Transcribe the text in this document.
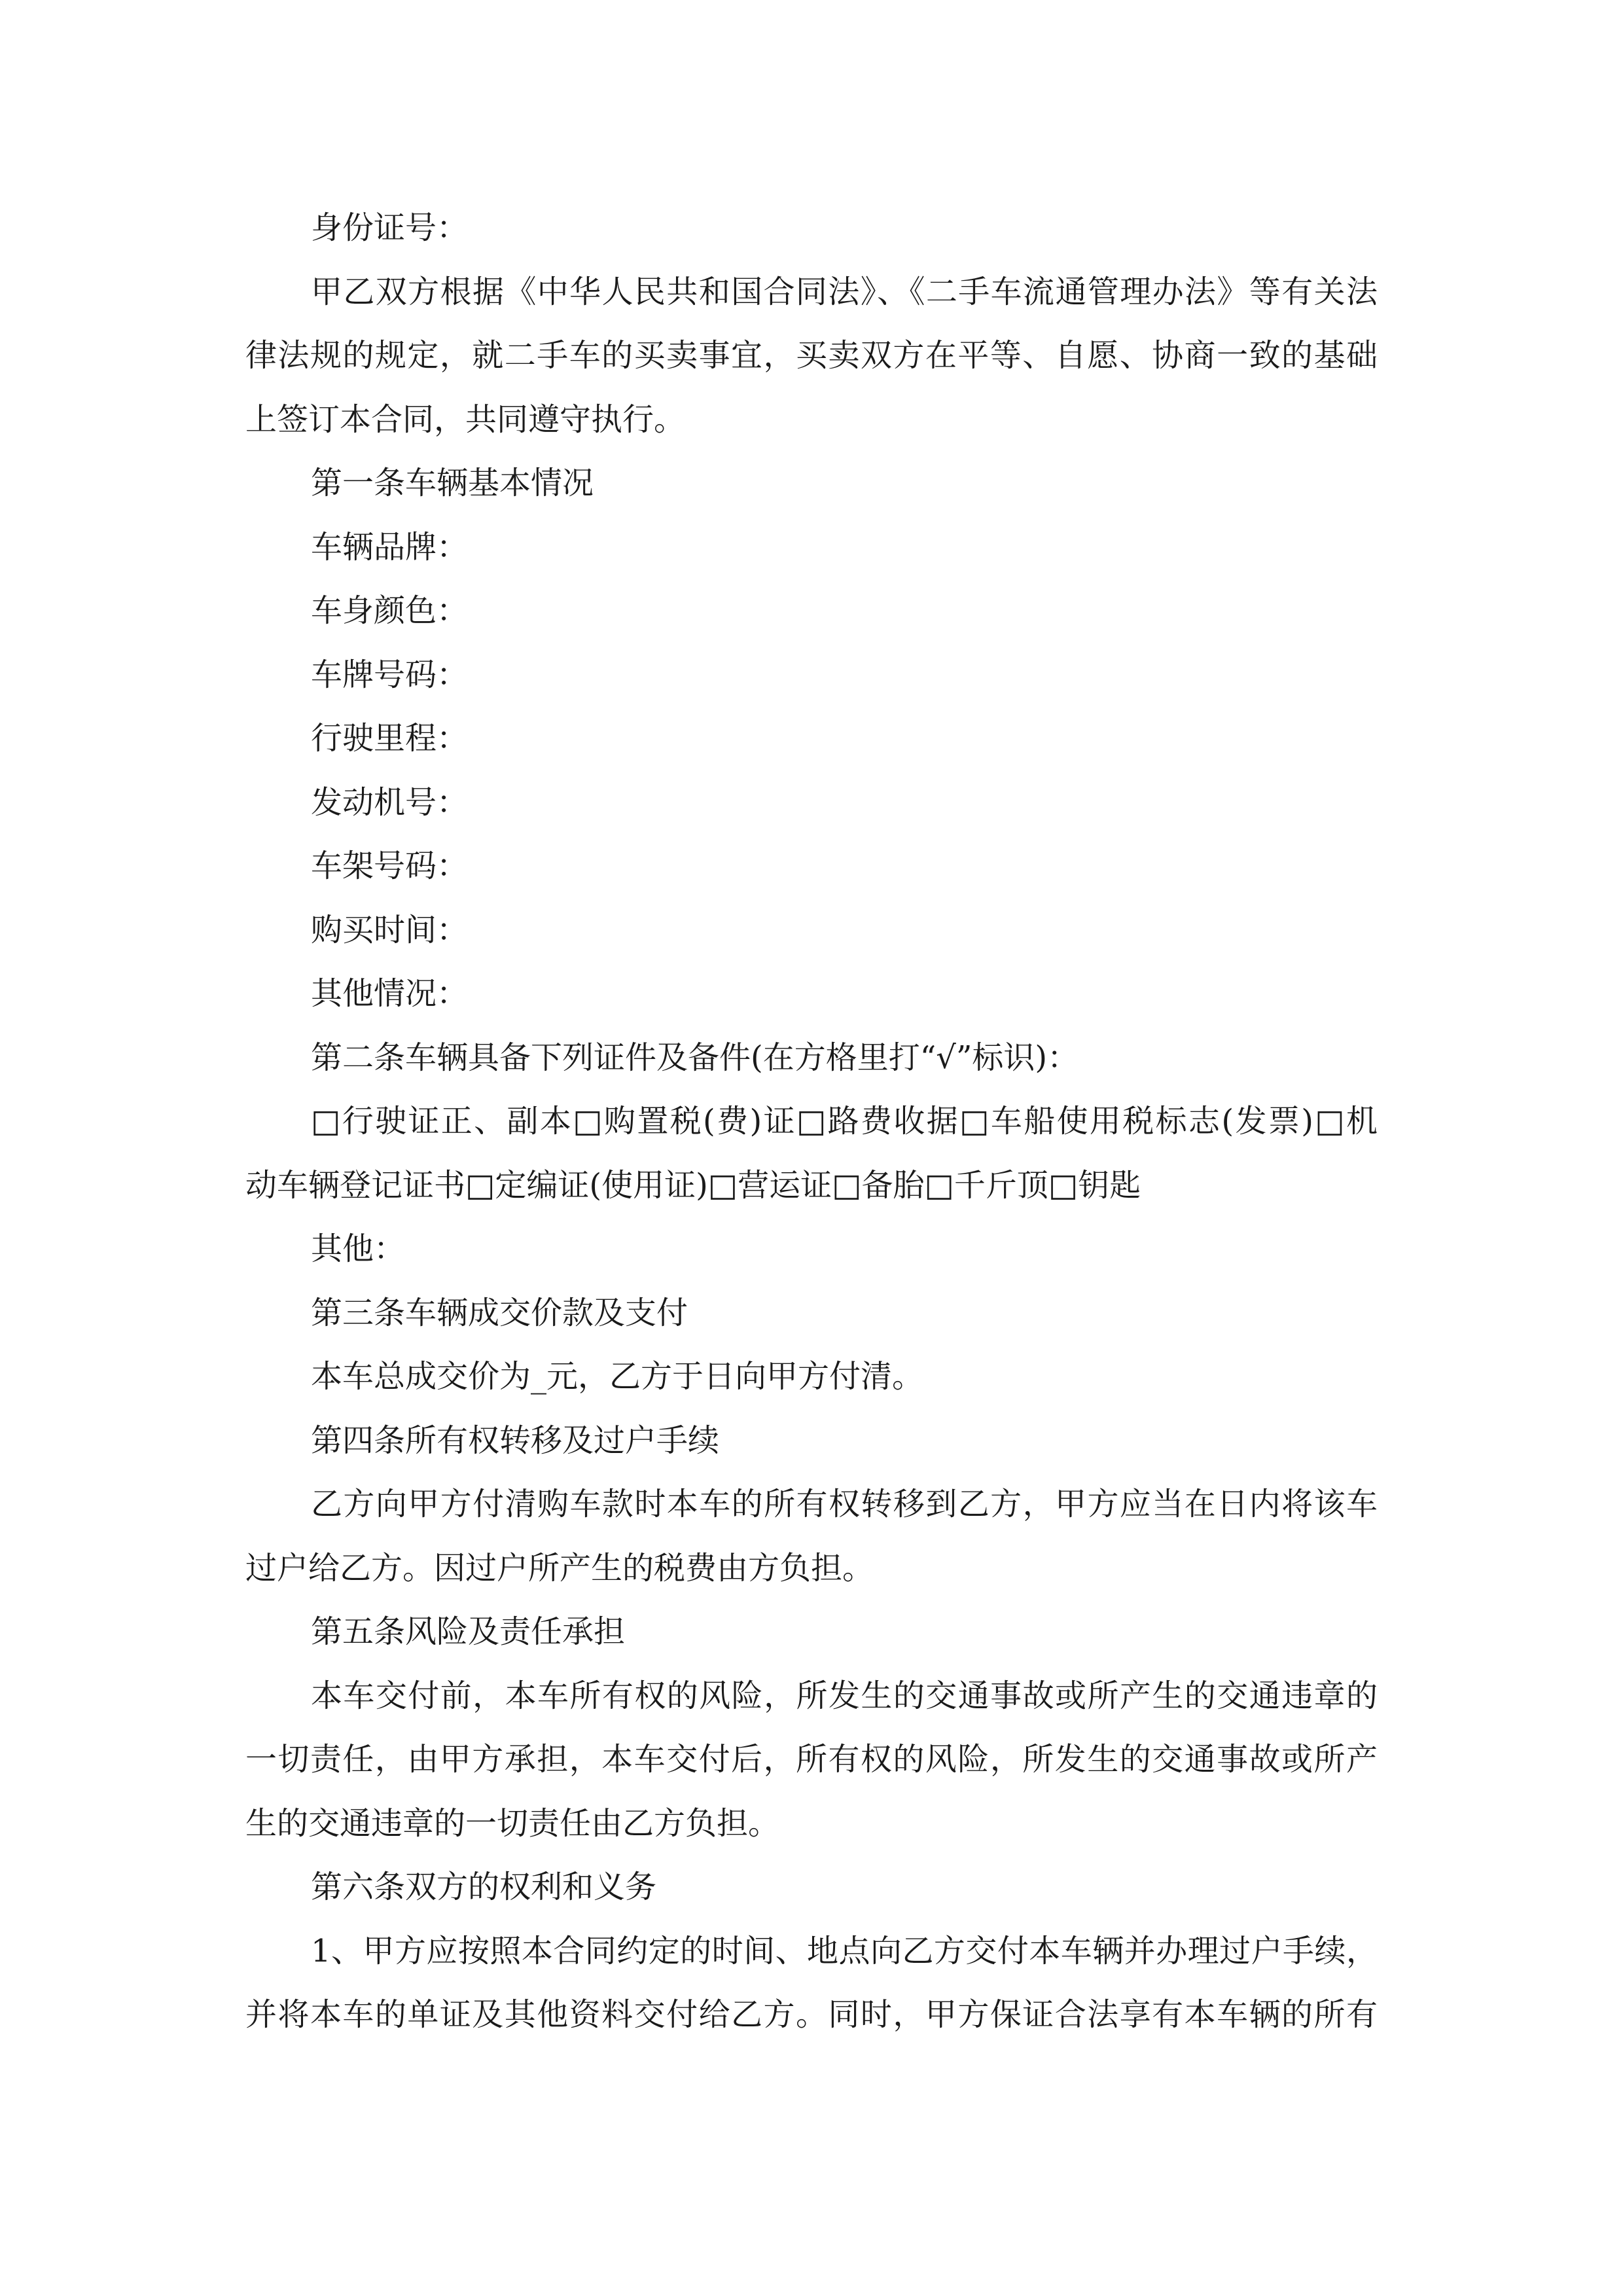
身份证号：
甲乙双方根据《中华人民共和国合同法》、《二手车流通管理办法》等有关法
律法规的规定，就二手车的买卖事宜，买卖双方在平等、自愿、协商一致的基础
上签订本合同，共同遵守执行。
第一条车辆基本情况
车辆品牌：
车身颜色：
车牌号码：
行驶里程：
发动机号：
车架号码：
购买时间：
其他情况：
第二条车辆具备下列证件及备件(在方格里打“√”标识)：
□行驶证正、副本□购置税(费)证□路费收据□车船使用税标志(发票)□机
动车辆登记证书□定编证(使用证)□营运证□备胎□千斤顶□钥匙
其他：
第三条车辆成交价款及支付
本车总成交价为_元，乙方于日向甲方付清。
第四条所有权转移及过户手续
乙方向甲方付清购车款时本车的所有权转移到乙方，甲方应当在日内将该车
过户给乙方。因过户所产生的税费由方负担。
第五条风险及责任承担
本车交付前，本车所有权的风险，所发生的交通事故或所产生的交通违章的
一切责任，由甲方承担，本车交付后，所有权的风险，所发生的交通事故或所产
生的交通违章的一切责任由乙方负担。
第六条双方的权利和义务
1、甲方应按照本合同约定的时间、地点向乙方交付本车辆并办理过户手续，
并将本车的单证及其他资料交付给乙方。同时，甲方保证合法享有本车辆的所有
